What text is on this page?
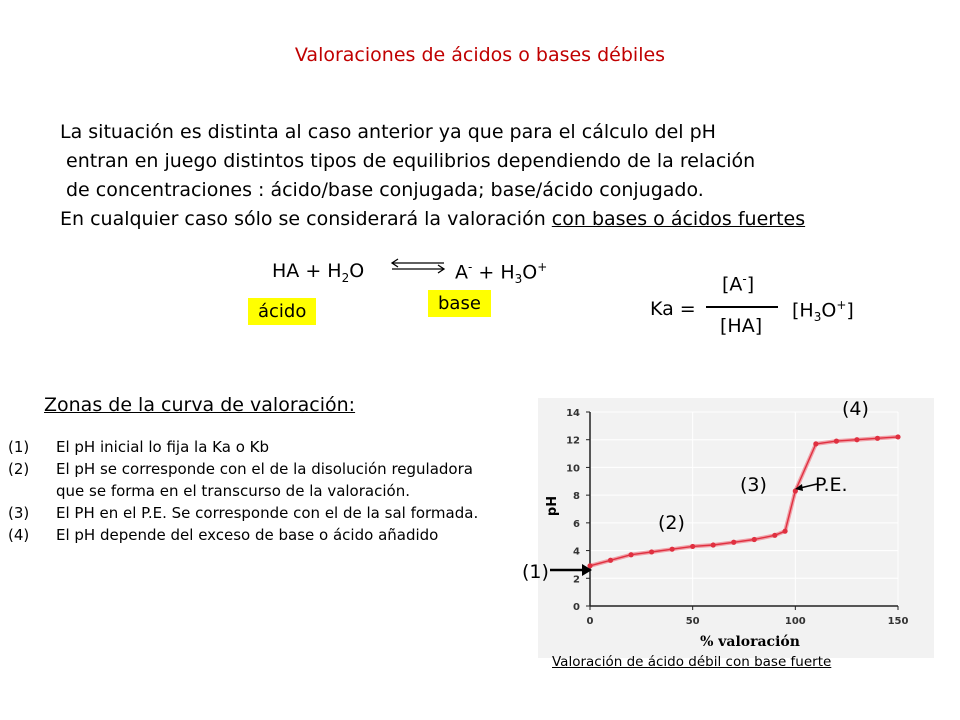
Valoraciones de ácidos o bases débiles
La situación es distinta al caso anterior ya que para el cálculo del pH
entran en juego distintos tipos de equilibrios dependiendo de la relación
de concentraciones : ácido/base conjugada; base/ácido conjugado.
En cualquier caso sólo se considerará la valoración con bases o ácidos fuertes
HA + $H_2O$ ⇌ $A^- + H_3O^+$
ácido	base	Ka =
[A-]
[HA]
$[H_3O^+]$
Zonas de la curva de valoración:
(1) El pH inicial lo fija la Ka o Kb
(2) El pH se corresponde con el de la disolución reguladora
que se forma en el transcurso de la valoración.
(3) El PH en el P.E. Se corresponde con el de la sal formada.
(4) El pH depende del exceso de base o ácido añadido
0
2
4
6
8
10
12
14
0	50	100	150
pH
% valoración
(4)
(3)	P.E.
(2)
(1)
Valoración de ácido débil con base fuerte
